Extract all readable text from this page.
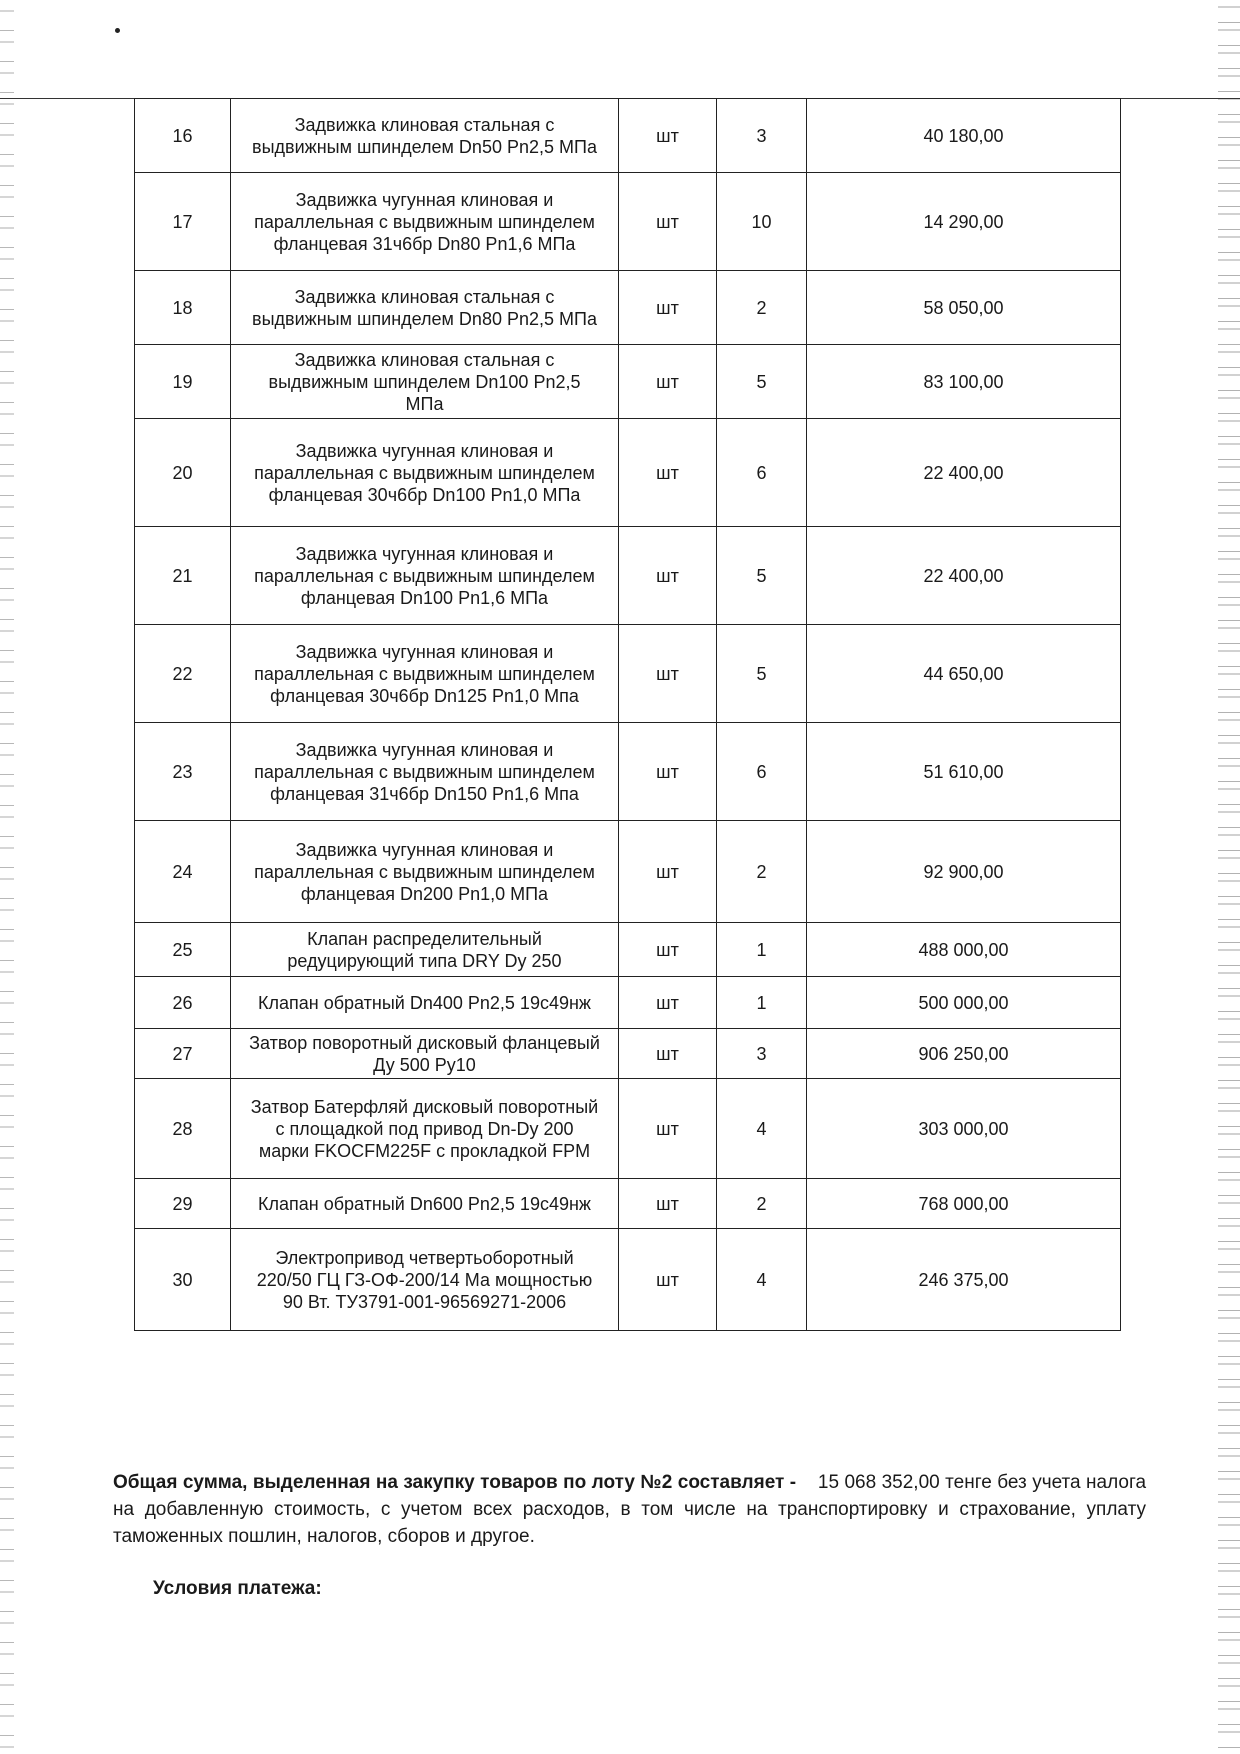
16	Задвижка клиновая стальная с выдвижным шпинделем Dn50 Pn2,5 МПа	шт	3	40 180,00
17	Задвижка чугунная клиновая и параллельная с выдвижным шпинделем фланцевая 31ч6бр Dn80 Pn1,6 МПа	шт	10	14 290,00
18	Задвижка клиновая стальная с выдвижным шпинделем Dn80 Pn2,5 МПа	шт	2	58 050,00
19	Задвижка клиновая стальная с выдвижным шпинделем Dn100 Pn2,5 МПа	шт	5	83 100,00
20	Задвижка чугунная клиновая и параллельная с выдвижным шпинделем фланцевая 30ч6бр Dn100 Pn1,0 МПа	шт	6	22 400,00
21	Задвижка чугунная клиновая и параллельная с выдвижным шпинделем фланцевая Dn100 Pn1,6 МПа	шт	5	22 400,00
22	Задвижка чугунная клиновая и параллельная с выдвижным шпинделем фланцевая 30ч6бр Dn125 Pn1,0 Мпа	шт	5	44 650,00
23	Задвижка чугунная клиновая и параллельная с выдвижным шпинделем фланцевая 31ч6бр Dn150 Pn1,6 Мпа	шт	6	51 610,00
24	Задвижка чугунная клиновая и параллельная с выдвижным шпинделем фланцевая Dn200 Pn1,0 МПа	шт	2	92 900,00
25	Клапан распределительный редуцирующий типа DRY Dy 250	шт	1	488 000,00
26	Клапан обратный Dn400 Pn2,5 19с49нж	шт	1	500 000,00
27	Затвор поворотный дисковый фланцевый Ду 500 Ру10	шт	3	906 250,00
28	Затвор Батерфляй дисковый поворотный с площадкой под привод Dn-Dy 200 марки FKOCFM225F с прокладкой FPM	шт	4	303 000,00
29	Клапан обратный Dn600 Pn2,5 19с49нж	шт	2	768 000,00
30	Электропривод четвертьоборотный 220/50 ГЦ ГЗ-ОФ-200/14 Ма мощностью 90 Вт. ТУ3791-001-96569271-2006	шт	4	246 375,00
Общая сумма, выделенная на закупку товаров по лоту №2 составляет - 15 068 352,00 тенге без учета налога на добавленную стоимость, с учетом всех расходов, в том числе на транспортировку и страхование, уплату таможенных пошлин, налогов, сборов и другое.
Условия платежа:
